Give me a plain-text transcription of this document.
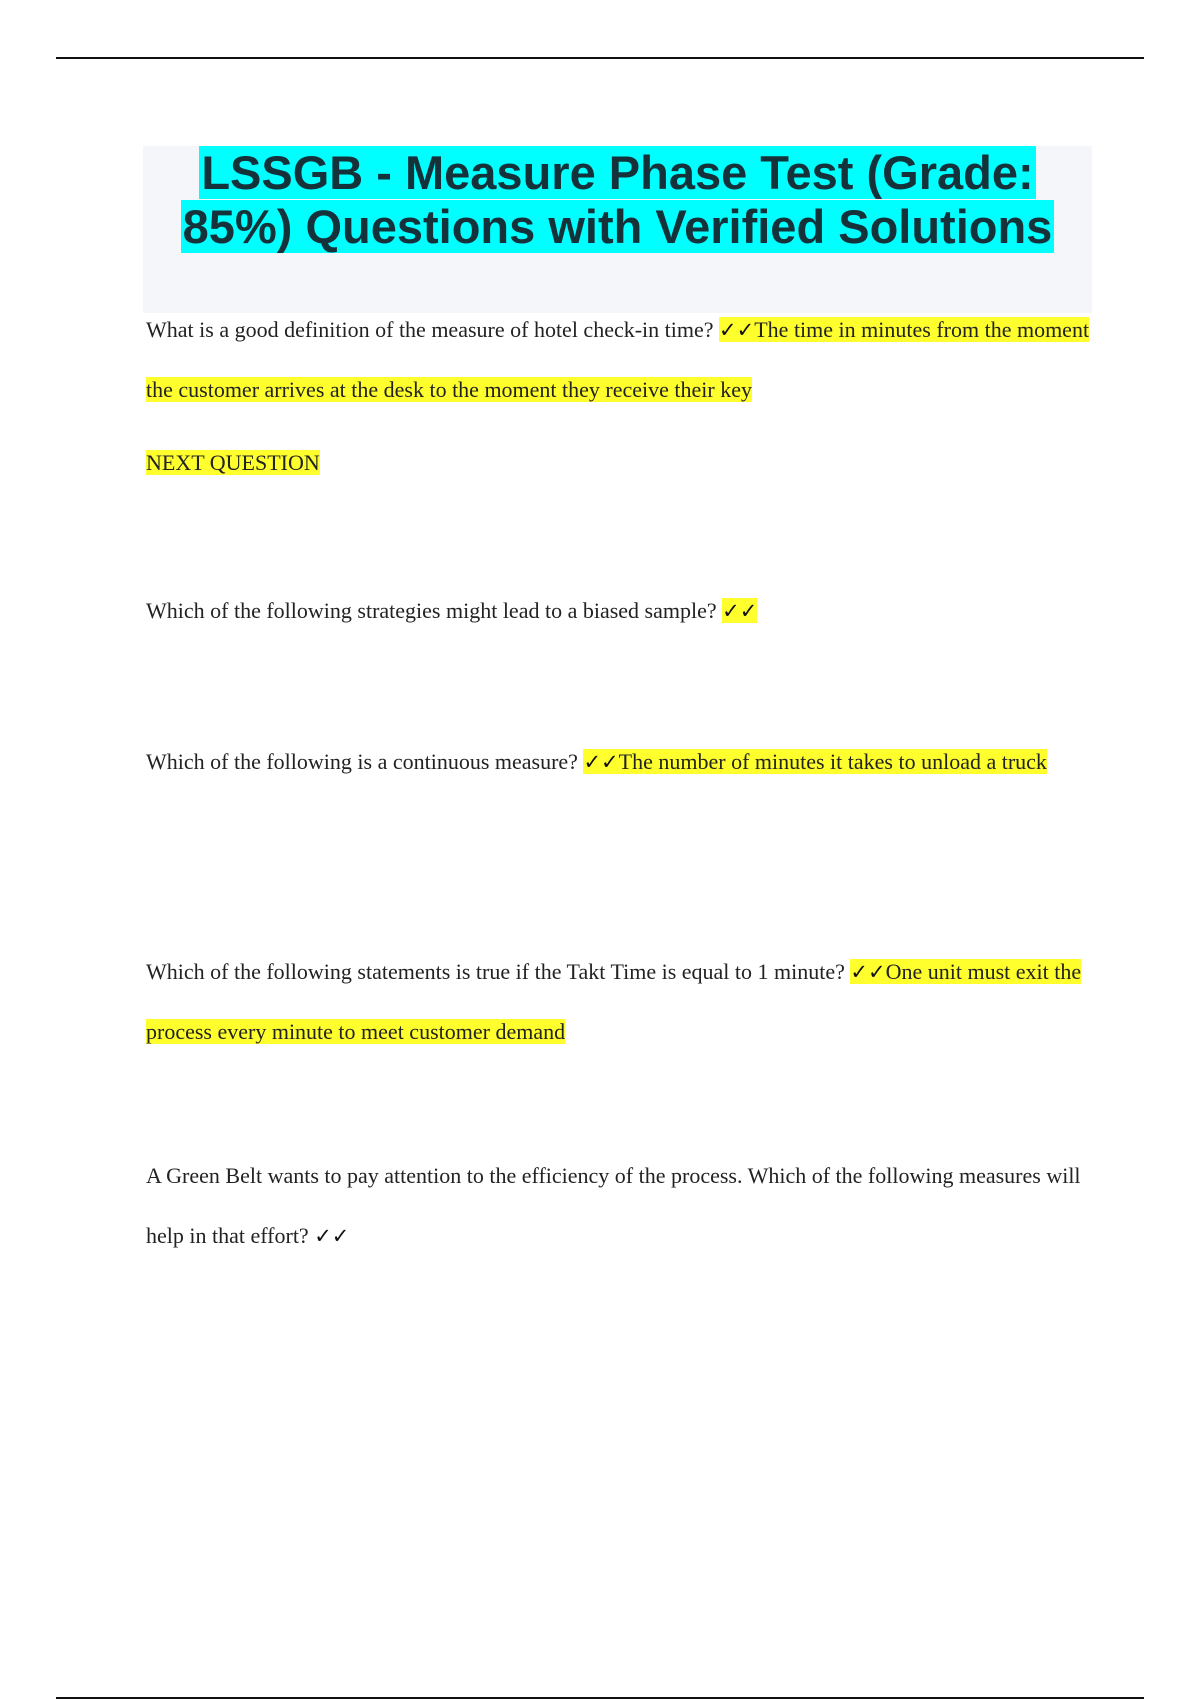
LSSGB - Measure Phase Test (Grade: 85%) Questions with Verified Solutions

What is a good definition of the measure of hotel check-in time? ✓✓The time in minutes from the moment the customer arrives at the desk to the moment they receive their key

NEXT QUESTION

Which of the following strategies might lead to a biased sample? ✓✓

Which of the following is a continuous measure? ✓✓The number of minutes it takes to unload a truck

Which of the following statements is true if the Takt Time is equal to 1 minute? ✓✓One unit must exit the process every minute to meet customer demand

A Green Belt wants to pay attention to the efficiency of the process. Which of the following measures will help in that effort? ✓✓
